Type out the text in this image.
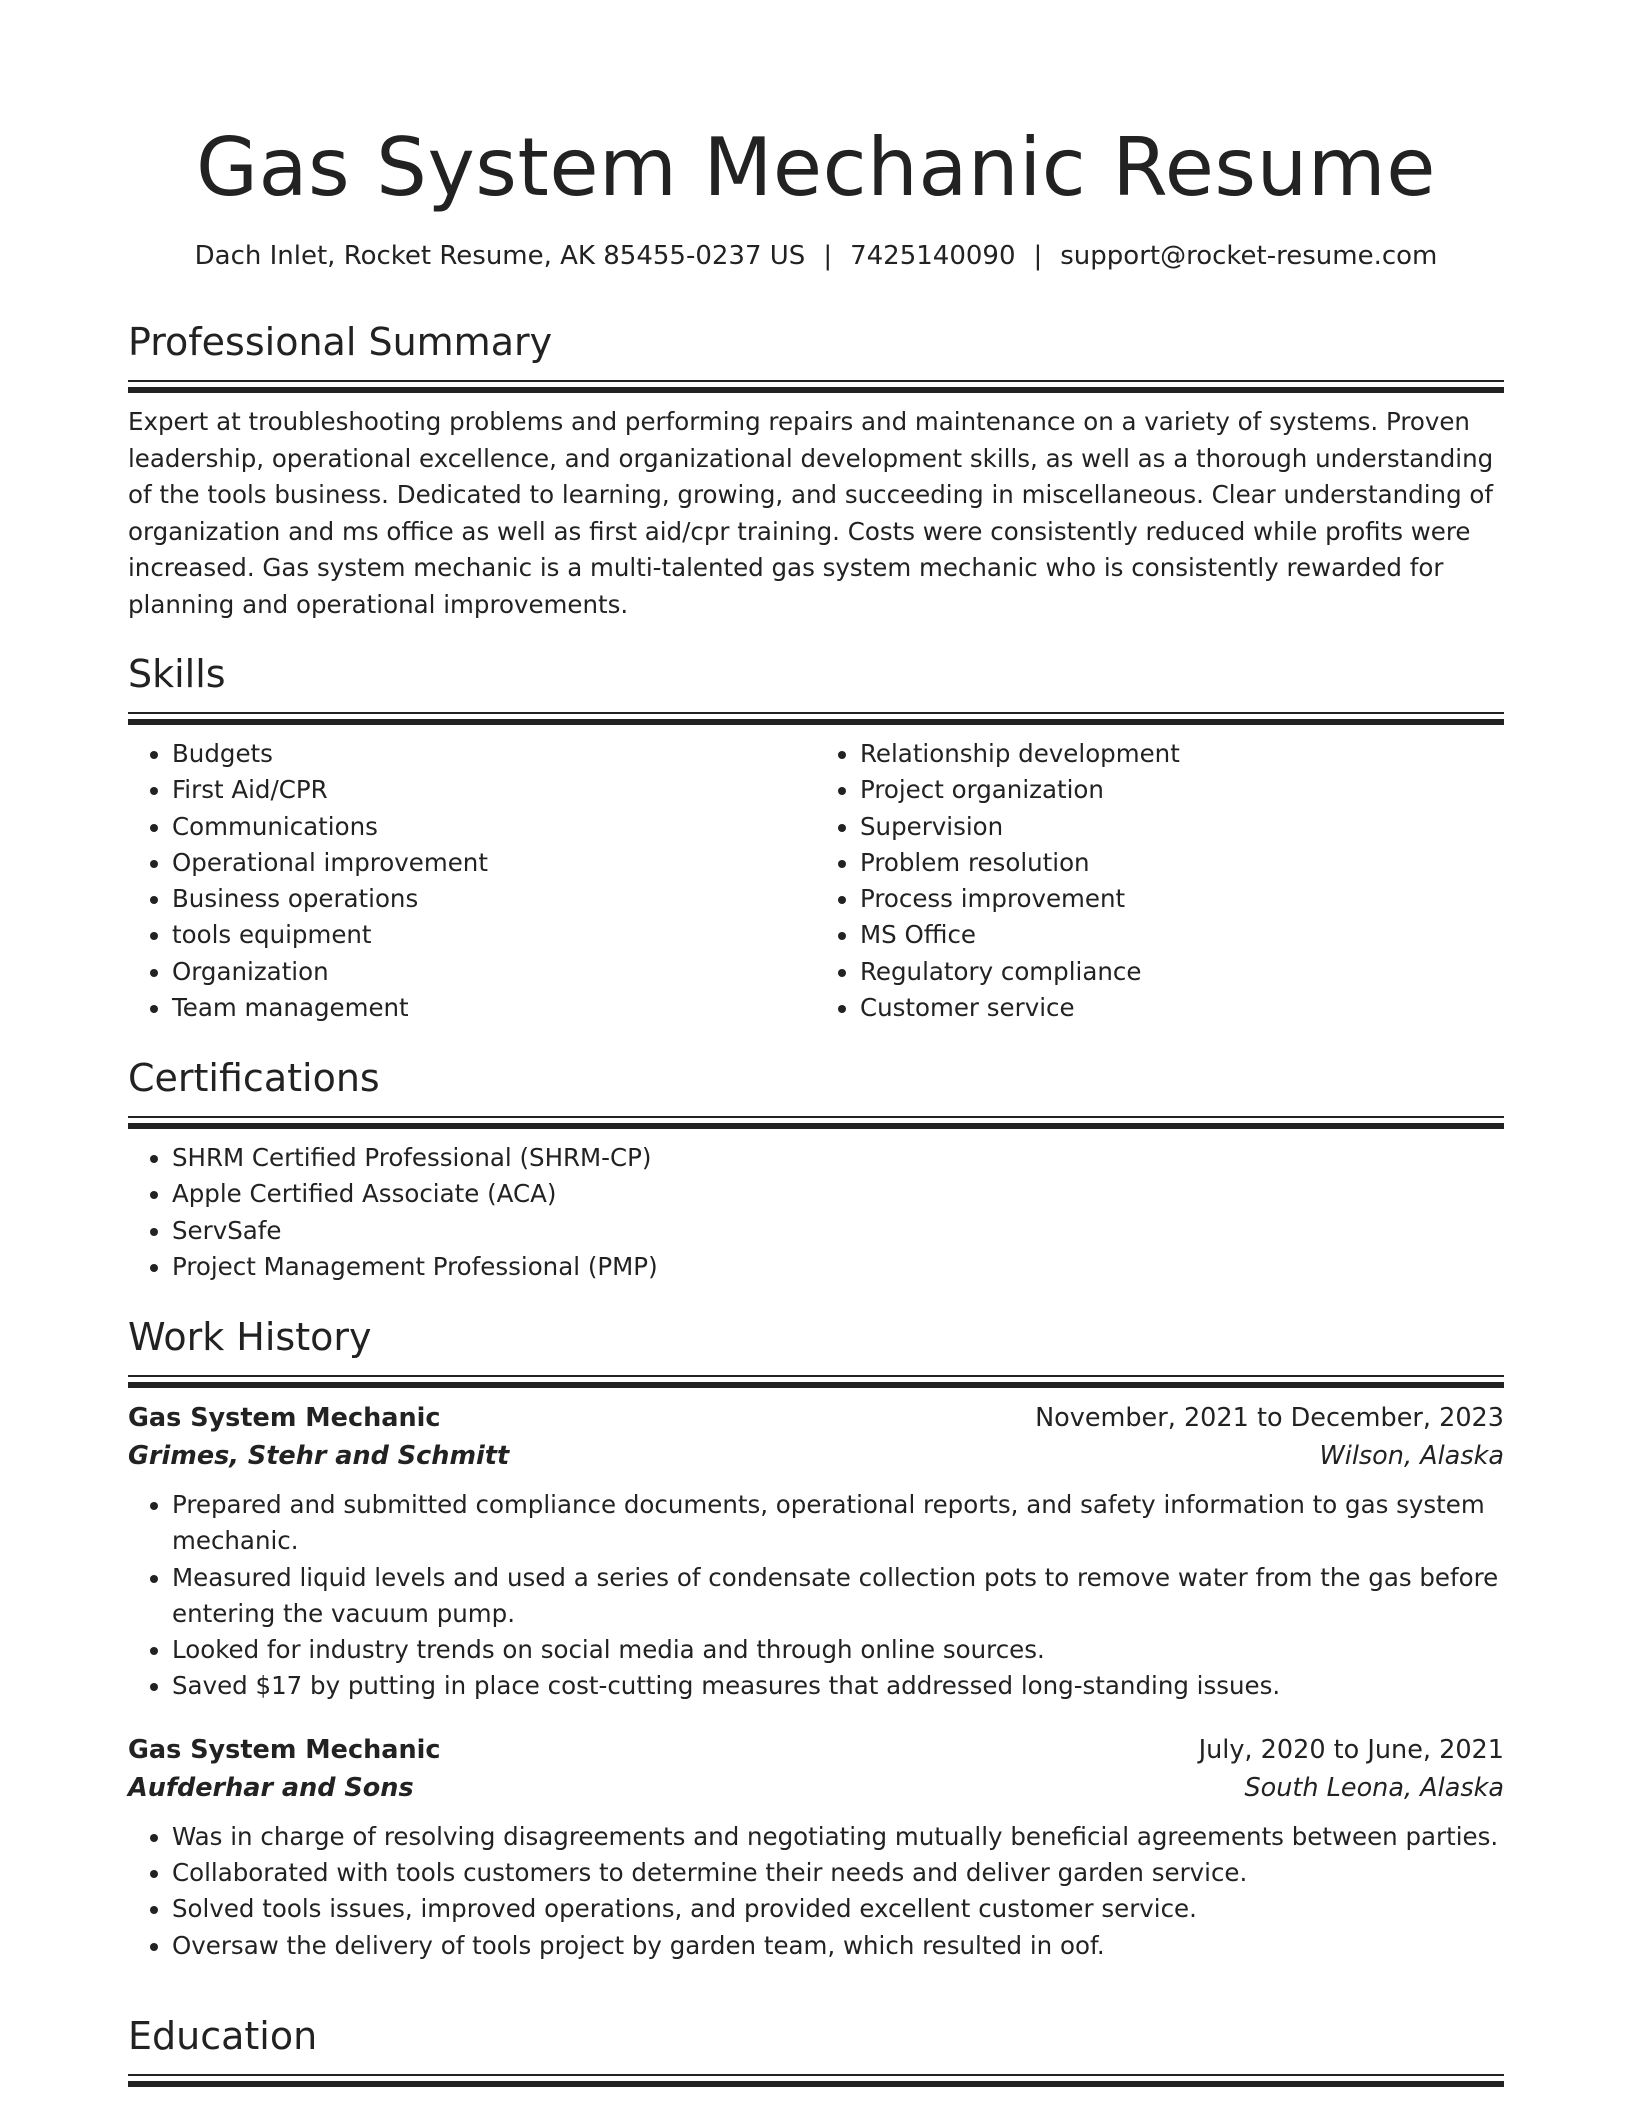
Gas System Mechanic Resume
Dach Inlet, Rocket Resume, AK 85455-0237 US | 7425140090 | support@rocket-resume.com
Professional Summary

Expert at troubleshooting problems and performing repairs and maintenance on a variety of systems. Proven leadership, operational excellence, and organizational development skills, as well as a thorough understanding of the tools business. Dedicated to learning, growing, and succeeding in miscellaneous. Clear understanding of organization and ms office as well as first aid/cpr training. Costs were consistently reduced while profits were increased. Gas system mechanic is a multi-talented gas system mechanic who is consistently rewarded for planning and operational improvements.

Skills
• Budgets
• First Aid/CPR
• Communications
• Operational improvement
• Business operations
• tools equipment
• Organization
• Team management
• Relationship development
• Project organization
• Supervision
• Problem resolution
• Process improvement
• MS Office
• Regulatory compliance
• Customer service
Certifications
• SHRM Certified Professional (SHRM-CP)
• Apple Certified Associate (ACA)
• ServSafe
• Project Management Professional (PMP)
Work History
Gas System Mechanic	November, 2021 to December, 2023
Grimes, Stehr and Schmitt	Wilson, Alaska
• Prepared and submitted compliance documents, operational reports, and safety information to gas system mechanic.
• Measured liquid levels and used a series of condensate collection pots to remove water from the gas before entering the vacuum pump.
• Looked for industry trends on social media and through online sources.
• Saved $17 by putting in place cost-cutting measures that addressed long-standing issues.
Gas System Mechanic	July, 2020 to June, 2021
Aufderhar and Sons	South Leona, Alaska
• Was in charge of resolving disagreements and negotiating mutually beneficial agreements between parties.
• Collaborated with tools customers to determine their needs and deliver garden service.
• Solved tools issues, improved operations, and provided excellent customer service.
• Oversaw the delivery of tools project by garden team, which resulted in oof.
Education
